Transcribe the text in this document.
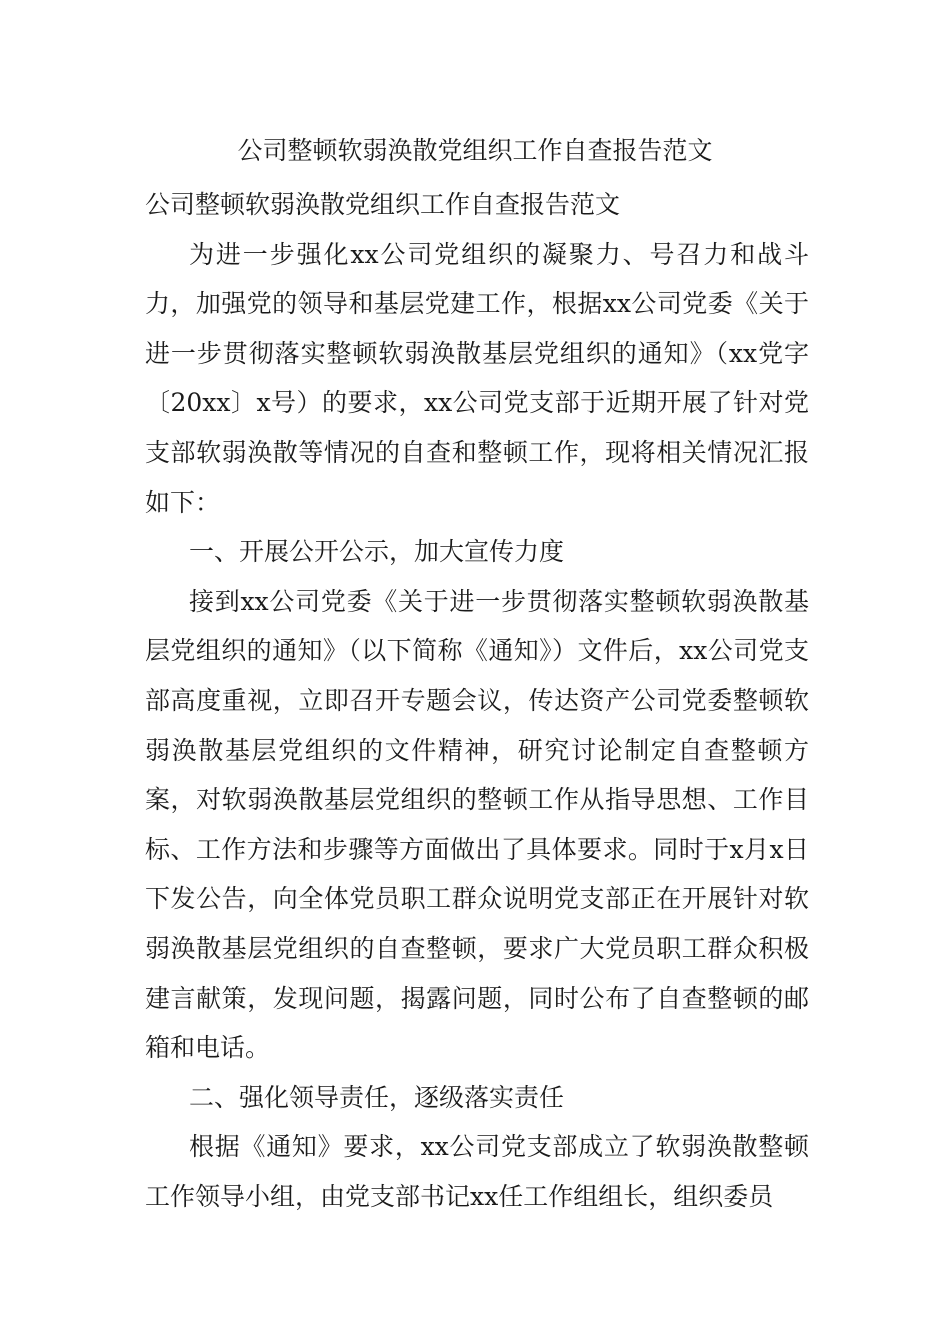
公司整顿软弱涣散党组织工作自查报告范文

公司整顿软弱涣散党组织工作自查报告范文

为进一步强化xx公司党组织的凝聚力、号召力和战斗力，加强党的领导和基层党建工作，根据xx公司党委《关于进一步贯彻落实整顿软弱涣散基层党组织的通知》（xx党字〔20xx〕x号）的要求，xx公司党支部于近期开展了针对党支部软弱涣散等情况的自查和整顿工作，现将相关情况汇报如下：

一、开展公开公示，加大宣传力度

接到xx公司党委《关于进一步贯彻落实整顿软弱涣散基层党组织的通知》（以下简称《通知》）文件后，xx公司党支部高度重视，立即召开专题会议，传达资产公司党委整顿软弱涣散基层党组织的文件精神，研究讨论制定自查整顿方案，对软弱涣散基层党组织的整顿工作从指导思想、工作目标、工作方法和步骤等方面做出了具体要求。同时于x月x日下发公告，向全体党员职工群众说明党支部正在开展针对软弱涣散基层党组织的自查整顿，要求广大党员职工群众积极建言献策，发现问题，揭露问题，同时公布了自查整顿的邮箱和电话。

二、强化领导责任，逐级落实责任

根据《通知》要求，xx公司党支部成立了软弱涣散整顿工作领导小组，由党支部书记xx任工作组组长，组织委员
